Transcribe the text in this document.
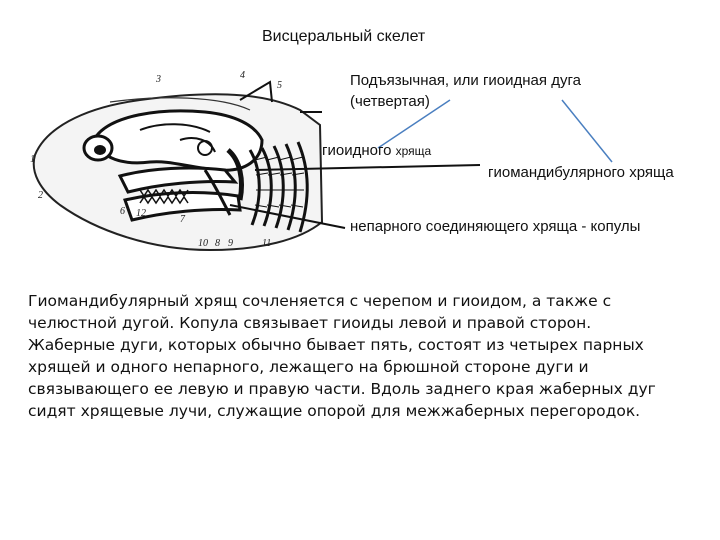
Висцеральный скелет
1
2
3	4
5
6
7
8 9
10	11
12
Подъязычная, или гиоидная дуга
(четвертая)
гиоидного хряща
гиомандибулярного хряща
непарного соединяющего хряща - копулы
Гиомандибулярный хрящ сочленяется с черепом и гиоидом, а также с
челюстной дугой. Копула связывает гиоиды левой и правой сторон.
Жаберные дуги, которых обычно бывает пять, состоят из четырех парных
хрящей и одного непарного, лежащего на брюшной стороне дуги и
связывающего ее левую и правую части. Вдоль заднего края жаберных дуг
сидят хрящевые лучи, служащие опорой для межжаберных перегородок.
